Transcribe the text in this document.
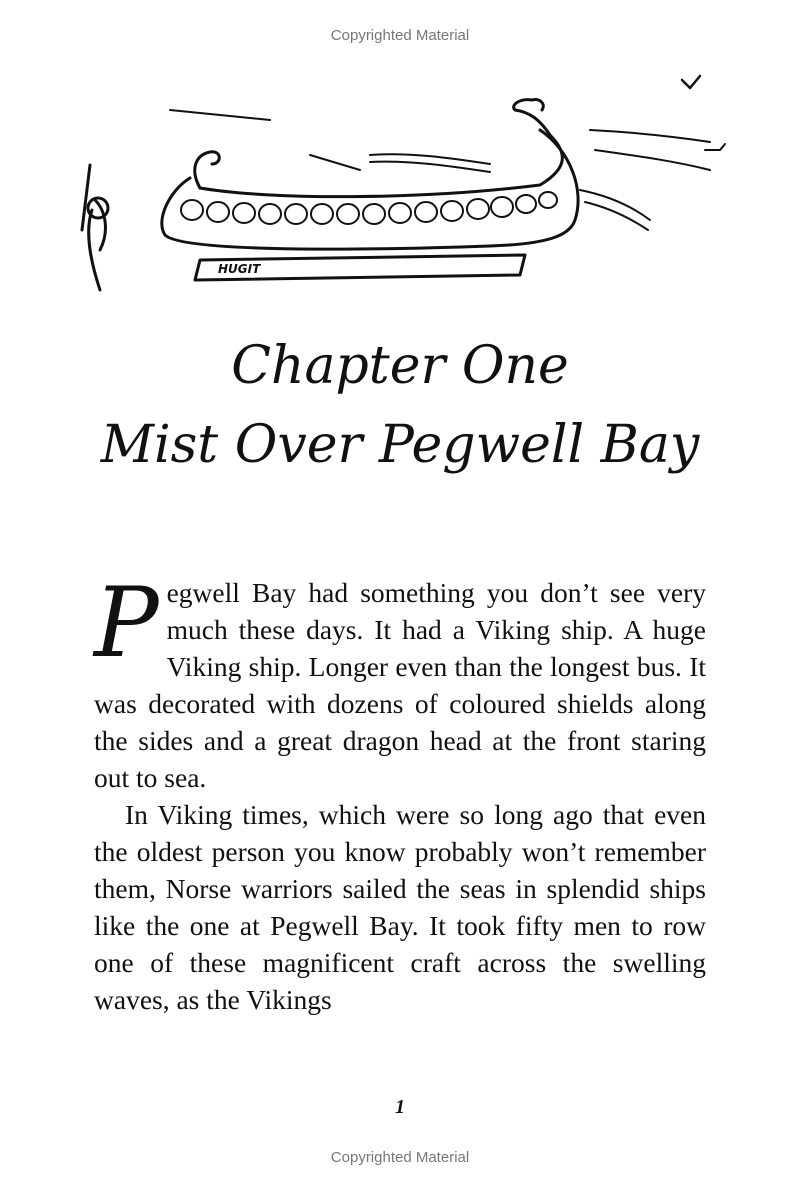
Copyrighted Material
HUGIT
Chapter One
Mist Over Pegwell Bay

Pegwell Bay had something you don’t see very much these days. It had a Viking ship. A huge Viking ship. Longer even than the longest bus. It was decorated with dozens of coloured shields along the sides and a great dragon head at the front staring out to sea.

In Viking times, which were so long ago that even the oldest person you know probably won’t remember them, Norse warriors sailed the seas in splendid ships like the one at Pegwell Bay. It took fifty men to row one of these magnificent craft across the swelling waves, as the Vikings

1
Copyrighted Material
